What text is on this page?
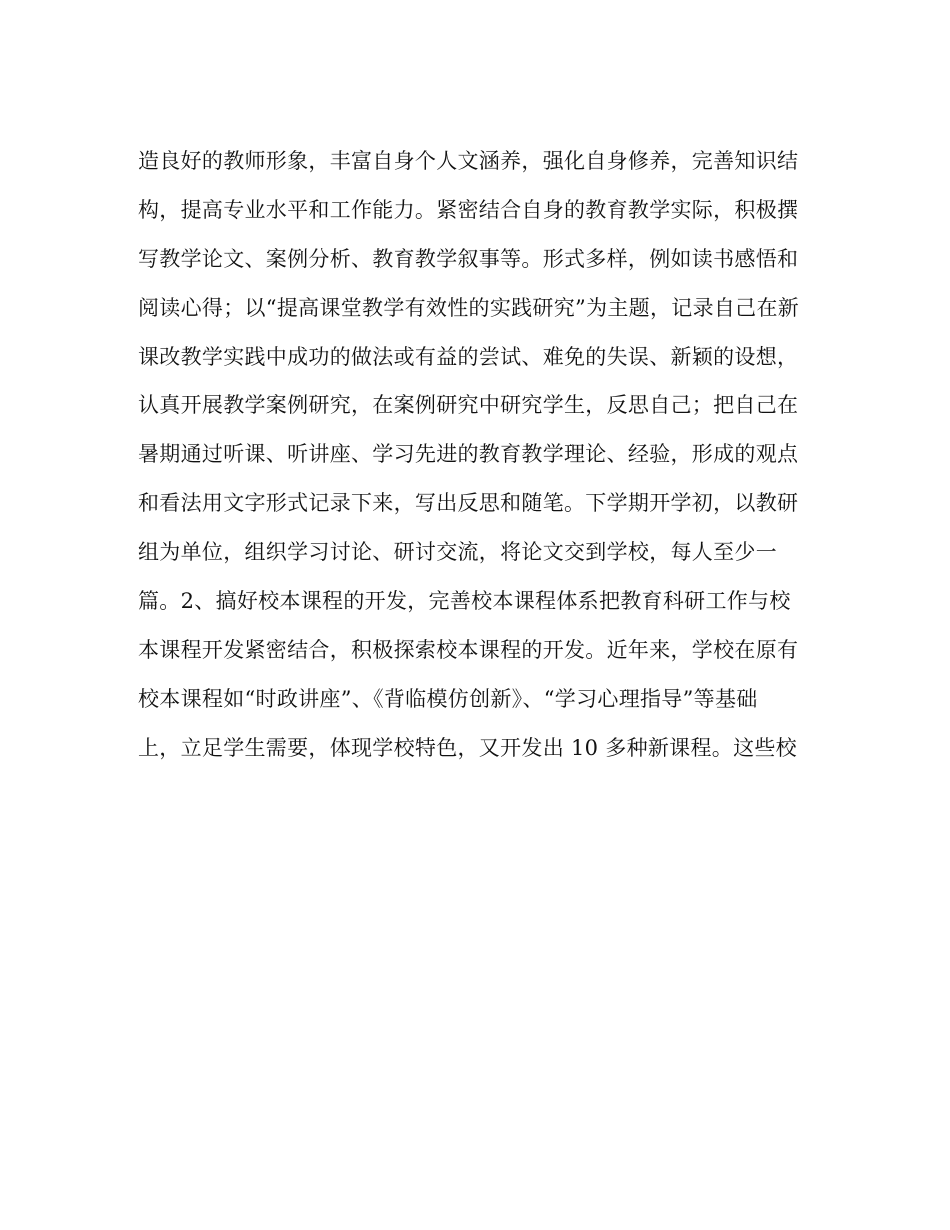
造良好的教师形象，丰富自身个人文涵养，强化自身修养，完善知识结
构，提高专业水平和工作能力。紧密结合自身的教育教学实际，积极撰
写教学论文、案例分析、教育教学叙事等。形式多样，例如读书感悟和
阅读心得；以“提高课堂教学有效性的实践研究”为主题，记录自己在新
课改教学实践中成功的做法或有益的尝试、难免的失误、新颖的设想，
认真开展教学案例研究，在案例研究中研究学生，反思自己；把自己在
暑期通过听课、听讲座、学习先进的教育教学理论、经验，形成的观点
和看法用文字形式记录下来，写出反思和随笔。下学期开学初，以教研
组为单位，组织学习讨论、研讨交流，将论文交到学校，每人至少一
篇。2、搞好校本课程的开发，完善校本课程体系把教育科研工作与校
本课程开发紧密结合，积极探索校本课程的开发。近年来，学校在原有
校本课程如“时政讲座”、《背临模仿创新》、“学习心理指导”等基础
上，立足学生需要，体现学校特色，又开发出 10 多种新课程。这些校
